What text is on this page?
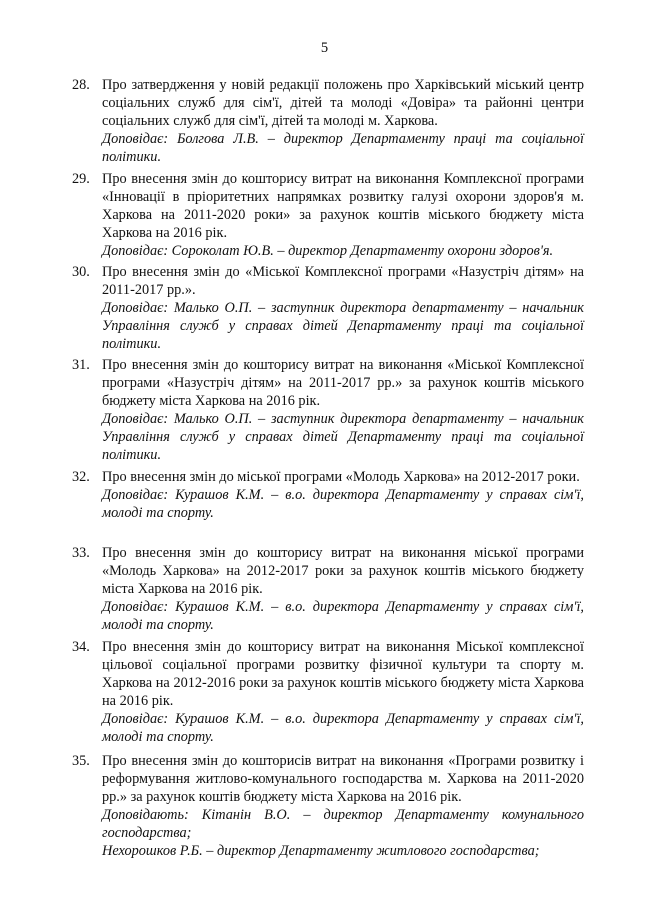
5
28. Про затвердження у новій редакції положень про Харківський міський центр соціальних служб для сім'ї, дітей та молоді «Довіра» та районні центри соціальних служб для сім'ї, дітей та молоді м. Харкова.
Доповідає: Болгова Л.В. – директор Департаменту праці та соціальної політики.
29. Про внесення змін до кошторису витрат на виконання Комплексної програми «Інновації в пріоритетних напрямках розвитку галузі охорони здоров'я м. Харкова на 2011-2020 роки» за рахунок коштів міського бюджету міста Харкова на 2016 рік.
Доповідає: Сороколат Ю.В. – директор Департаменту охорони здоров'я.
30. Про внесення змін до «Міської Комплексної програми «Назустріч дітям» на 2011-2017 рр.».
Доповідає: Малько О.П. – заступник директора департаменту – начальник Управління служб у справах дітей Департаменту праці та соціальної політики.
31. Про внесення змін до кошторису витрат на виконання «Міської Комплексної програми «Назустріч дітям» на 2011-2017 рр.» за рахунок коштів міського бюджету міста Харкова на 2016 рік.
Доповідає: Малько О.П. – заступник директора департаменту – начальник Управління служб у справах дітей Департаменту праці та соціальної політики.
32. Про внесення змін до міської програми «Молодь Харкова» на 2012-2017 роки.
Доповідає: Курашов К.М. – в.о. директора Департаменту у справах сім'ї, молоді та спорту.
33. Про внесення змін до кошторису витрат на виконання міської програми «Молодь Харкова» на 2012-2017 роки за рахунок коштів міського бюджету міста Харкова на 2016 рік.
Доповідає: Курашов К.М. – в.о. директора Департаменту у справах сім'ї, молоді та спорту.
34. Про внесення змін до кошторису витрат на виконання Міської комплексної цільової соціальної програми розвитку фізичної культури та спорту м. Харкова на 2012-2016 роки за рахунок коштів міського бюджету міста Харкова на 2016 рік.
Доповідає: Курашов К.М. – в.о. директора Департаменту у справах сім'ї, молоді та спорту.
35. Про внесення змін до кошторисів витрат на виконання «Програми розвитку і реформування житлово-комунального господарства м. Харкова на 2011-2020 рр.» за рахунок коштів бюджету міста Харкова на 2016 рік.
Доповідають: Кітанін В.О. – директор Департаменту комунального господарства;
Нехорошков Р.Б. – директор Департаменту житлового господарства;
